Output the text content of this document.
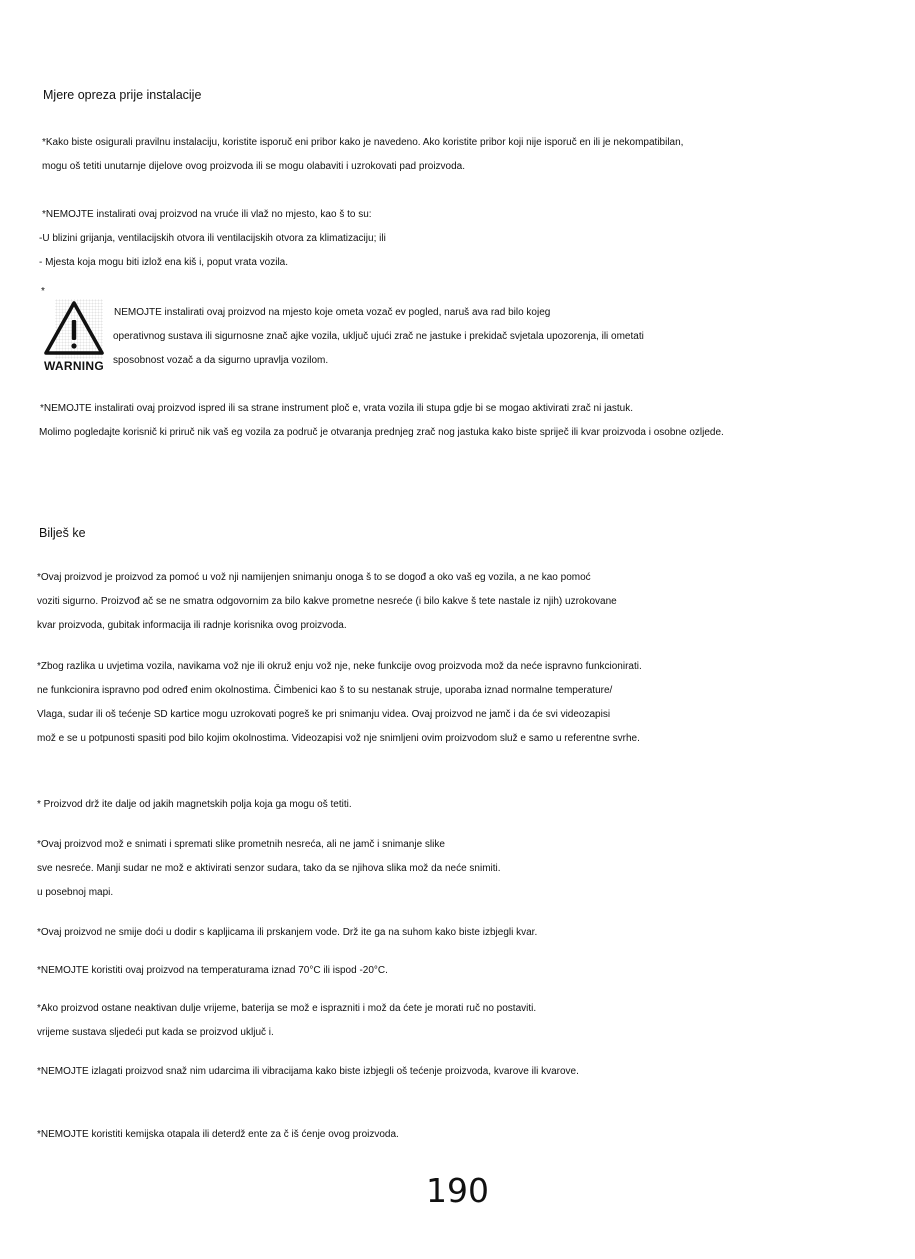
Mjere opreza prije instalacije
*Kako biste osigurali pravilnu instalaciju, koristite isporuč eni pribor kako je navedeno. Ako koristite pribor koji nije isporuč en ili je nekompatibilan,
mogu oš tetiti unutarnje dijelove ovog proizvoda ili se mogu olabaviti i uzrokovati pad proizvoda.
*NEMOJTE instalirati ovaj proizvod na vruće ili vlaž no mjesto, kao š to su:
-U blizini grijanja, ventilacijskih otvora ili ventilacijskih otvora za klimatizaciju; ili
- Mjesta koja mogu biti izlož ena kiš i, poput vrata vozila.
*
WARNING
NEMOJTE instalirati ovaj proizvod na mjesto koje ometa vozač ev pogled, naruš ava rad bilo kojeg
operativnog sustava ili sigurnosne znač ajke vozila, uključ ujući zrač ne jastuke i prekidač svjetala upozorenja, ili ometati
sposobnost vozač a da sigurno upravlja vozilom.
*NEMOJTE instalirati ovaj proizvod ispred ili sa strane instrument ploč e, vrata vozila ili stupa gdje bi se mogao aktivirati zrač ni jastuk.
Molimo pogledajte korisnič ki priruč nik vaš eg vozila za područ je otvaranja prednjeg zrač nog jastuka kako biste spriječ ili kvar proizvoda i osobne ozljede.
Bilješ ke
*Ovaj proizvod je proizvod za pomoć u vož nji namijenjen snimanju onoga š to se dogođ a oko vaš eg vozila, a ne kao pomoć
voziti sigurno. Proizvođ ač se ne smatra odgovornim za bilo kakve prometne nesreće (i bilo kakve š tete nastale iz njih) uzrokovane
kvar proizvoda, gubitak informacija ili radnje korisnika ovog proizvoda.
*Zbog razlika u uvjetima vozila, navikama vož nje ili okruž enju vož nje, neke funkcije ovog proizvoda mož da neće ispravno funkcionirati.
ne funkcionira ispravno pod određ enim okolnostima. Čimbenici kao š to su nestanak struje, uporaba iznad normalne temperature/
Vlaga, sudar ili oš tećenje SD kartice mogu uzrokovati pogreš ke pri snimanju videa. Ovaj proizvod ne jamč i da će svi videozapisi
mož e se u potpunosti spasiti pod bilo kojim okolnostima. Videozapisi vož nje snimljeni ovim proizvodom služ e samo u referentne svrhe.
* Proizvod drž ite dalje od jakih magnetskih polja koja ga mogu oš tetiti.
*Ovaj proizvod mož e snimati i spremati slike prometnih nesreća, ali ne jamč i snimanje slike
sve nesreće. Manji sudar ne mož e aktivirati senzor sudara, tako da se njihova slika mož da neće snimiti.
u posebnoj mapi.
*Ovaj proizvod ne smije doći u dodir s kapljicama ili prskanjem vode. Drž ite ga na suhom kako biste izbjegli kvar.
*NEMOJTE koristiti ovaj proizvod na temperaturama iznad 70°C ili ispod -20°C.
*Ako proizvod ostane neaktivan dulje vrijeme, baterija se mož e isprazniti i mož da ćete je morati ruč no postaviti.
vrijeme sustava sljedeći put kada se proizvod uključ i.
*NEMOJTE izlagati proizvod snaž nim udarcima ili vibracijama kako biste izbjegli oš tećenje proizvoda, kvarove ili kvarove.
*NEMOJTE koristiti kemijska otapala ili deterdž ente za č iš ćenje ovog proizvoda.
190
